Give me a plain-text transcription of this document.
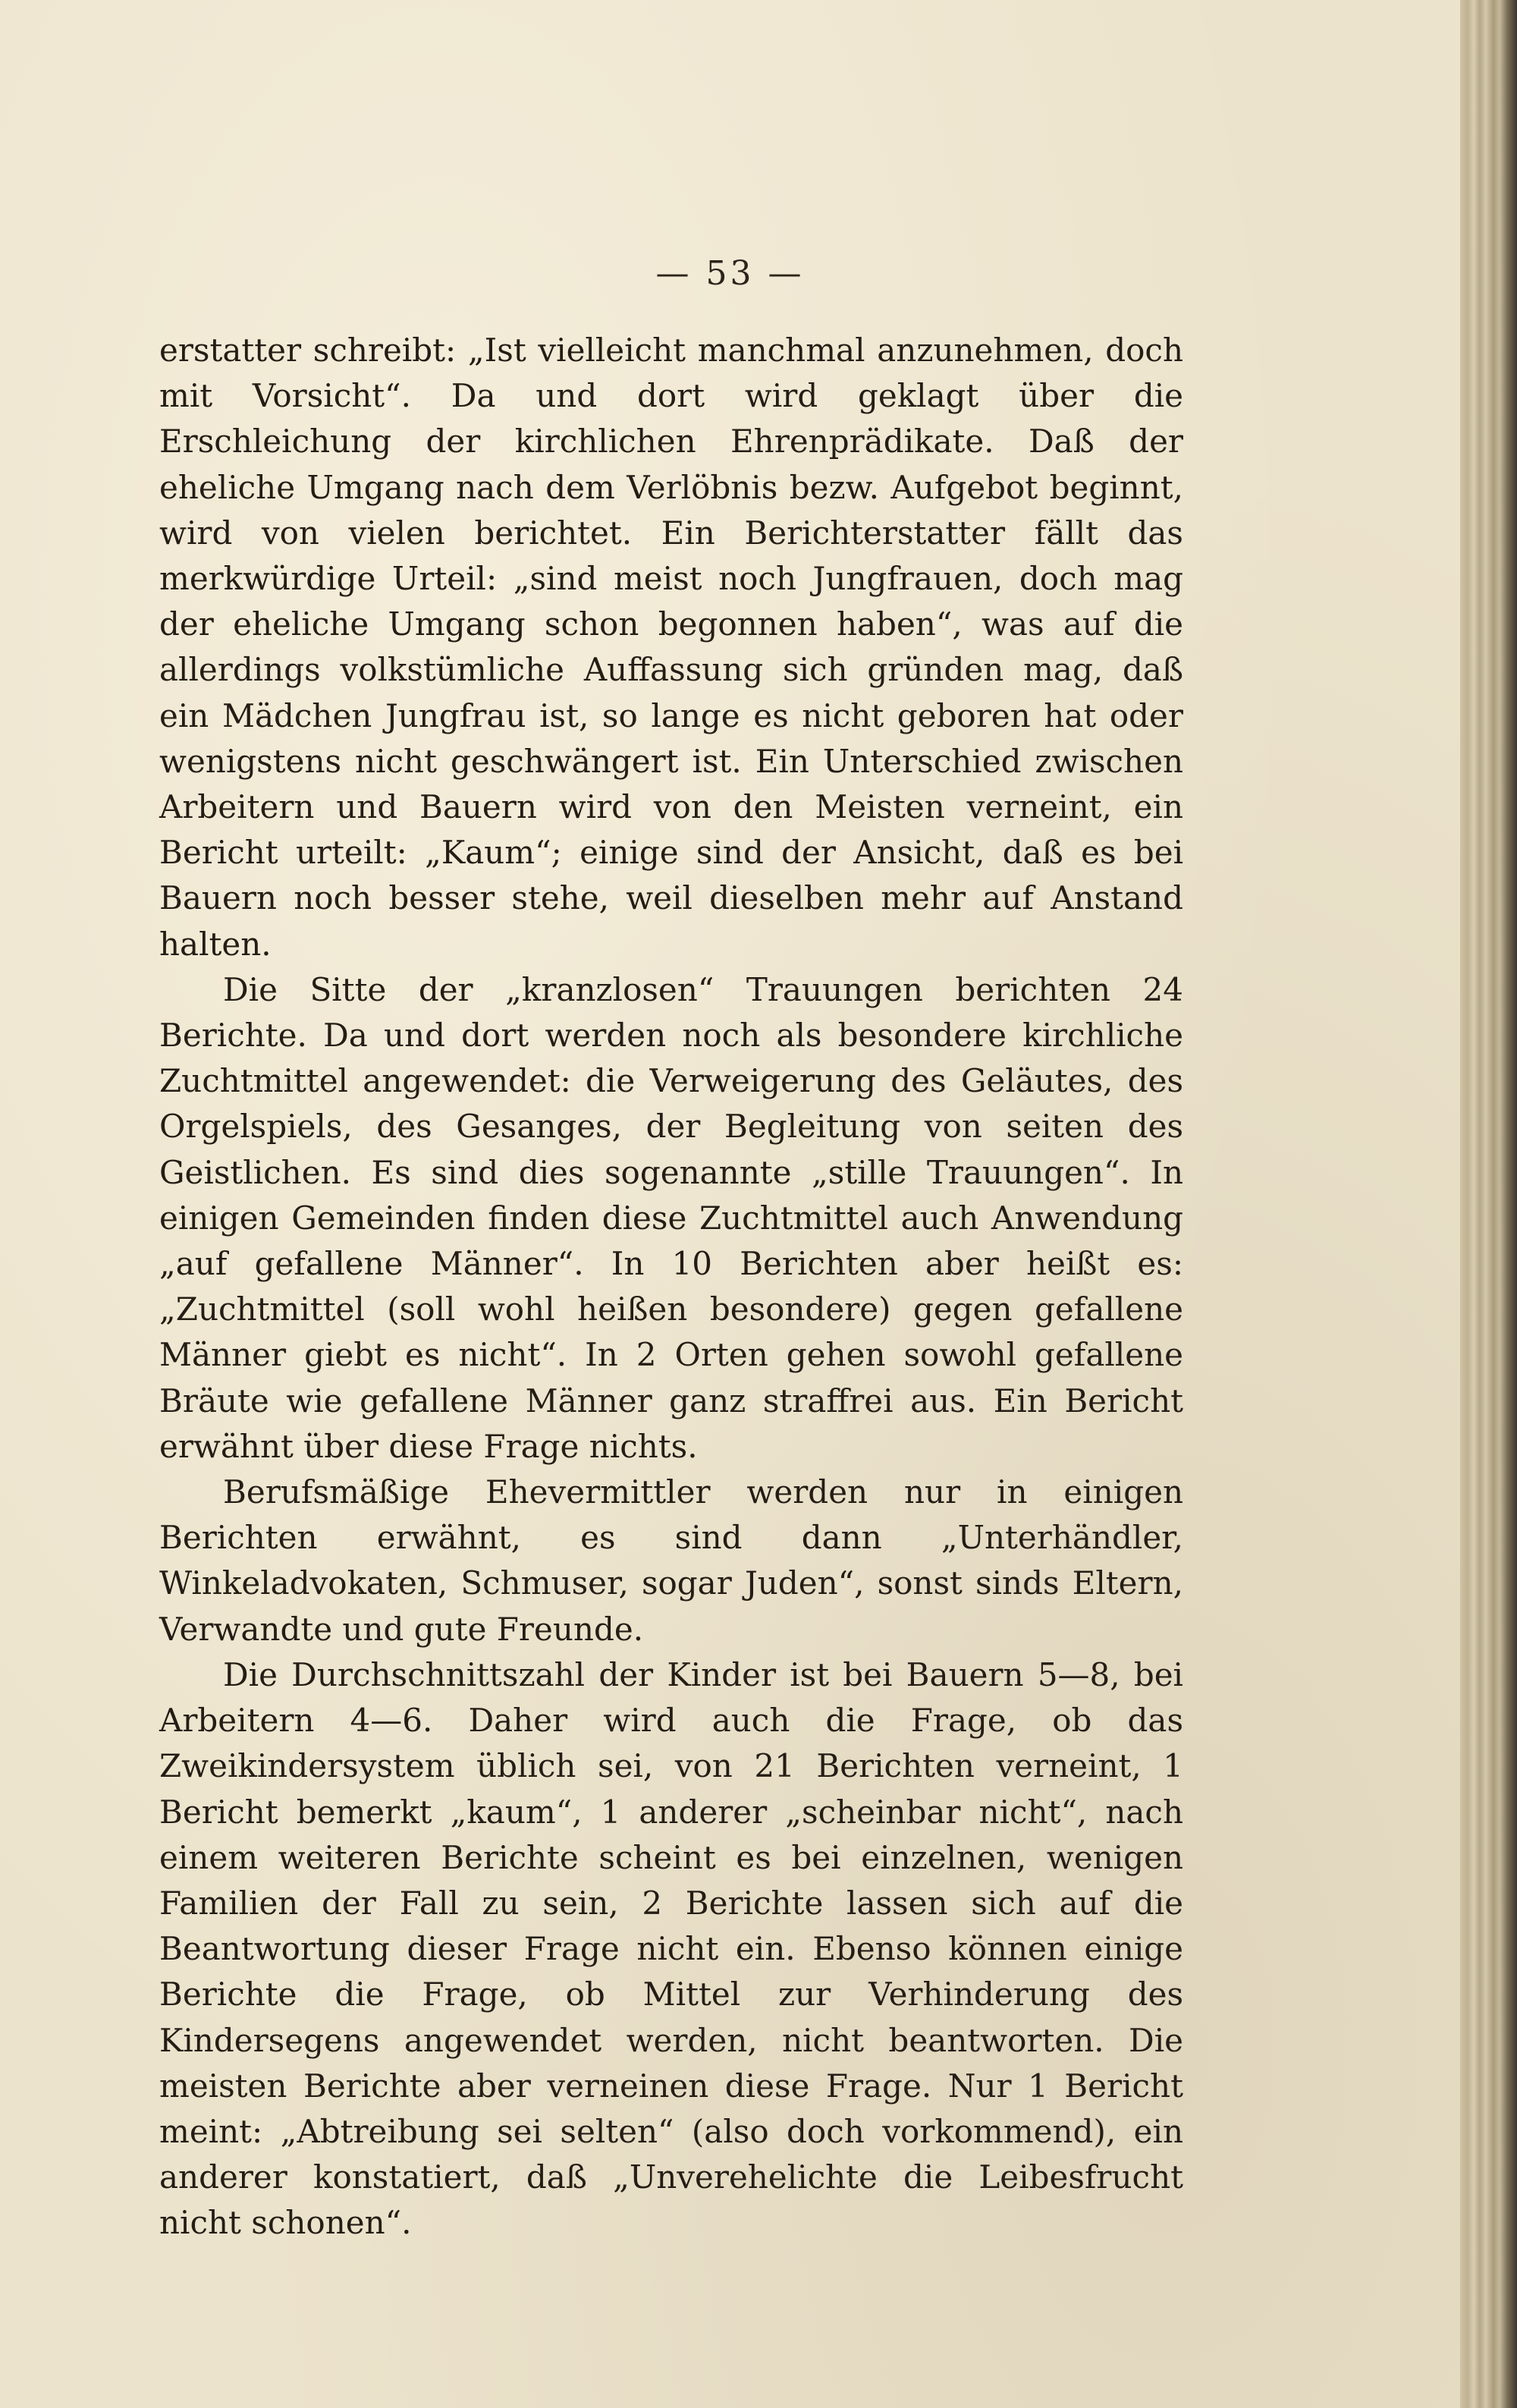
— 53 —

erstatter schreibt: „Ist vielleicht manchmal anzunehmen, doch mit Vorsicht“. Da und dort wird geklagt über die Erschleichung der kirchlichen Ehrenprädikate. Daß der eheliche Umgang nach dem Verlöbnis bezw. Aufgebot beginnt, wird von vielen berichtet. Ein Berichterstatter fällt das merkwürdige Urteil: „sind meist noch Jungfrauen, doch mag der eheliche Umgang schon begonnen haben“, was auf die allerdings volkstümliche Auffassung sich gründen mag, daß ein Mädchen Jungfrau ist, so lange es nicht geboren hat oder wenigstens nicht geschwängert ist. Ein Unterschied zwischen Arbeitern und Bauern wird von den Meisten verneint, ein Bericht urteilt: „Kaum“; einige sind der Ansicht, daß es bei Bauern noch besser stehe, weil dieselben mehr auf Anstand halten.

Die Sitte der „kranzlosen“ Trauungen berichten 24 Berichte. Da und dort werden noch als besondere kirchliche Zuchtmittel angewendet: die Verweigerung des Geläutes, des Orgelspiels, des Gesanges, der Begleitung von seiten des Geistlichen. Es sind dies sogenannte „stille Trauungen“. In einigen Gemeinden finden diese Zuchtmittel auch Anwendung „auf gefallene Männer“. In 10 Berichten aber heißt es: „Zuchtmittel (soll wohl heißen besondere) gegen gefallene Männer giebt es nicht“. In 2 Orten gehen sowohl gefallene Bräute wie gefallene Männer ganz straffrei aus. Ein Bericht erwähnt über diese Frage nichts.

Berufsmäßige Ehevermittler werden nur in einigen Berichten erwähnt, es sind dann „Unterhändler, Winkeladvokaten, Schmuser, sogar Juden“, sonst sinds Eltern, Verwandte und gute Freunde.

Die Durchschnittszahl der Kinder ist bei Bauern 5—8, bei Arbeitern 4—6. Daher wird auch die Frage, ob das Zweikindersystem üblich sei, von 21 Berichten verneint, 1 Bericht bemerkt „kaum“, 1 anderer „scheinbar nicht“, nach einem weiteren Berichte scheint es bei einzelnen, wenigen Familien der Fall zu sein, 2 Berichte lassen sich auf die Beantwortung dieser Frage nicht ein. Ebenso können einige Berichte die Frage, ob Mittel zur Verhinderung des Kindersegens angewendet werden, nicht beantworten. Die meisten Berichte aber verneinen diese Frage. Nur 1 Bericht meint: „Abtreibung sei selten“ (also doch vorkommend), ein anderer konstatiert, daß „Unverehelichte die Leibesfrucht nicht schonen“.
